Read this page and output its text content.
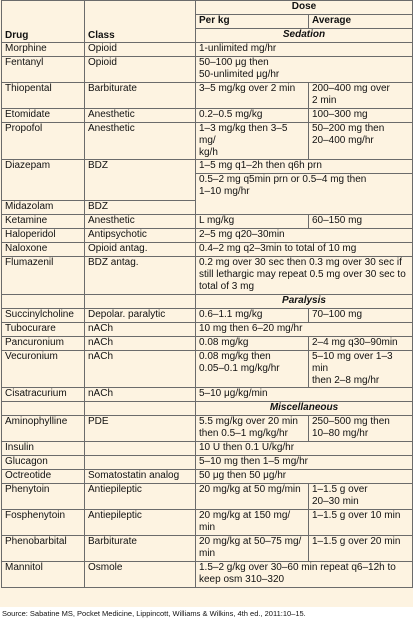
Drug	Class	Dose	
		Per kg	Average
		Sedation	
Morphine	Opioid	1-unlimited mg/hr	
Fentanyl	Opioid	50–100 μg then
50-unlimited μg/hr	
Thiopental	Barbiturate	3–5 mg/kg over 2 min	200–400 mg over
2 min
Etomidate	Anesthetic	0.2–0.5 mg/kg	100–300 mg
Propofol	Anesthetic	1–3 mg/kg then 3–5 mg/
kg/h	50–200 mg then
20–400 mg/hr
Diazepam	BDZ	1–5 mg q1–2h then q6h prn	
		0.5–2 mg q5min prn or 0.5–4 mg then
1–10 mg/hr	
Midazolam	BDZ		
Ketamine	Anesthetic	L mg/kg	60–150 mg
Haloperidol	Antipsychotic	2–5 mg q20–30min	
Naloxone	Opioid antag.	0.4–2 mg q2–3min to total of 10 mg	
Flumazenil	BDZ antag.	0.2 mg over 30 sec then 0.3 mg over 30 sec if
still lethargic may repeat 0.5 mg over 30 sec to
total of 3 mg	
		Paralysis	
Succinylcholine	Depolar. paralytic	0.6–1.1 mg/kg	70–100 mg
Tubocurare	nACh	10 mg then 6–20 mg/hr	
Pancuronium	nACh	0.08 mg/kg	2–4 mg q30–90min
Vecuronium	nACh	0.08 mg/kg then
0.05–0.1 mg/kg/hr	5–10 mg over 1–3 min
then 2–8 mg/hr
Cisatracurium	nACh	5–10 μg/kg/min	
		Miscellaneous	
Aminophylline	PDE	5.5 mg/kg over 20 min
then 0.5–1 mg/kg/hr	250–500 mg then
10–80 mg/hr
Insulin		10 U then 0.1 U/kg/hr	
Glucagon		5–10 mg then 1–5 mg/hr	
Octreotide	Somatostatin analog	50 μg then 50 μg/hr	
Phenytoin	Antiepileptic	20 mg/kg at 50 mg/min	1–1.5 g over
20–30 min
Fosphenytoin	Antiepileptic	20 mg/kg at 150 mg/
min	1–1.5 g over 10 min
Phenobarbital	Barbiturate	20 mg/kg at 50–75 mg/
min	1–1.5 g over 20 min
Mannitol	Osmole	1.5–2 g/kg over 30–60 min repeat q6–12h to
keep osm 310–320	
Source: Sabatine MS, Pocket Medicine, Lippincott, Williams & Wilkins, 4th ed., 2011:10–15.
